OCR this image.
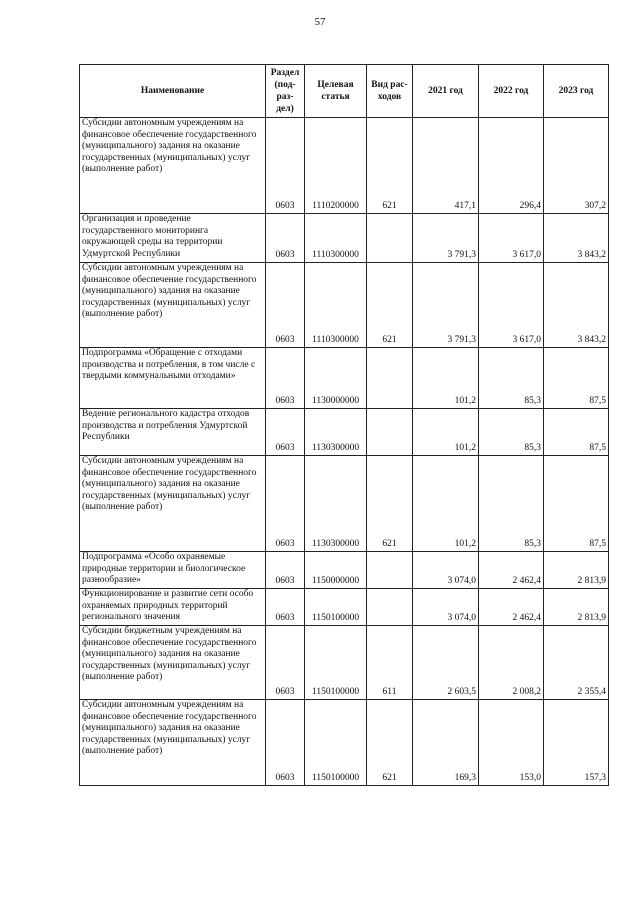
57
Наименование	Раздел (под-раз-дел)	Целевая статья	Вид рас-ходов	2021 год	2022 год	2023 год
Субсидии автономным учреждениям на финансовое обеспечение государственного (муниципального) задания на оказание государственных (муниципальных) услуг (выполнение работ)	0603	1110200000	621	417,1	296,4	307,2
Организация и проведение государственного мониторинга окружающей среды на территории Удмуртской Республики	0603	1110300000		3 791,3	3 617,0	3 843,2
Субсидии автономным учреждениям на финансовое обеспечение государственного (муниципального) задания на оказание государственных (муниципальных) услуг (выполнение работ)	0603	1110300000	621	3 791,3	3 617,0	3 843,2
Подпрограмма «Обращение с отходами производства и потребления, в том числе с твердыми коммунальными отходами»	0603	1130000000		101,2	85,3	87,5
Ведение регионального кадастра отходов производства и потребления Удмуртской Республики	0603	1130300000		101,2	85,3	87,5
Субсидии автономным учреждениям на финансовое обеспечение государственного (муниципального) задания на оказание государственных (муниципальных) услуг (выполнение работ)	0603	1130300000	621	101,2	85,3	87,5
Подпрограмма «Особо охраняемые природные территории и биологическое разнообразие»	0603	1150000000		3 074,0	2 462,4	2 813,9
Функционирование и развитие сети особо охраняемых природных территорий регионального значения	0603	1150100000		3 074,0	2 462,4	2 813,9
Субсидии бюджетным учреждениям на финансовое обеспечение государственного (муниципального) задания на оказание государственных (муниципальных) услуг (выполнение работ)	0603	1150100000	611	2 603,5	2 008,2	2 355,4
Субсидии автономным учреждениям на финансовое обеспечение государственного (муниципального) задания на оказание государственных (муниципальных) услуг (выполнение работ)	0603	1150100000	621	169,3	153,0	157,3
